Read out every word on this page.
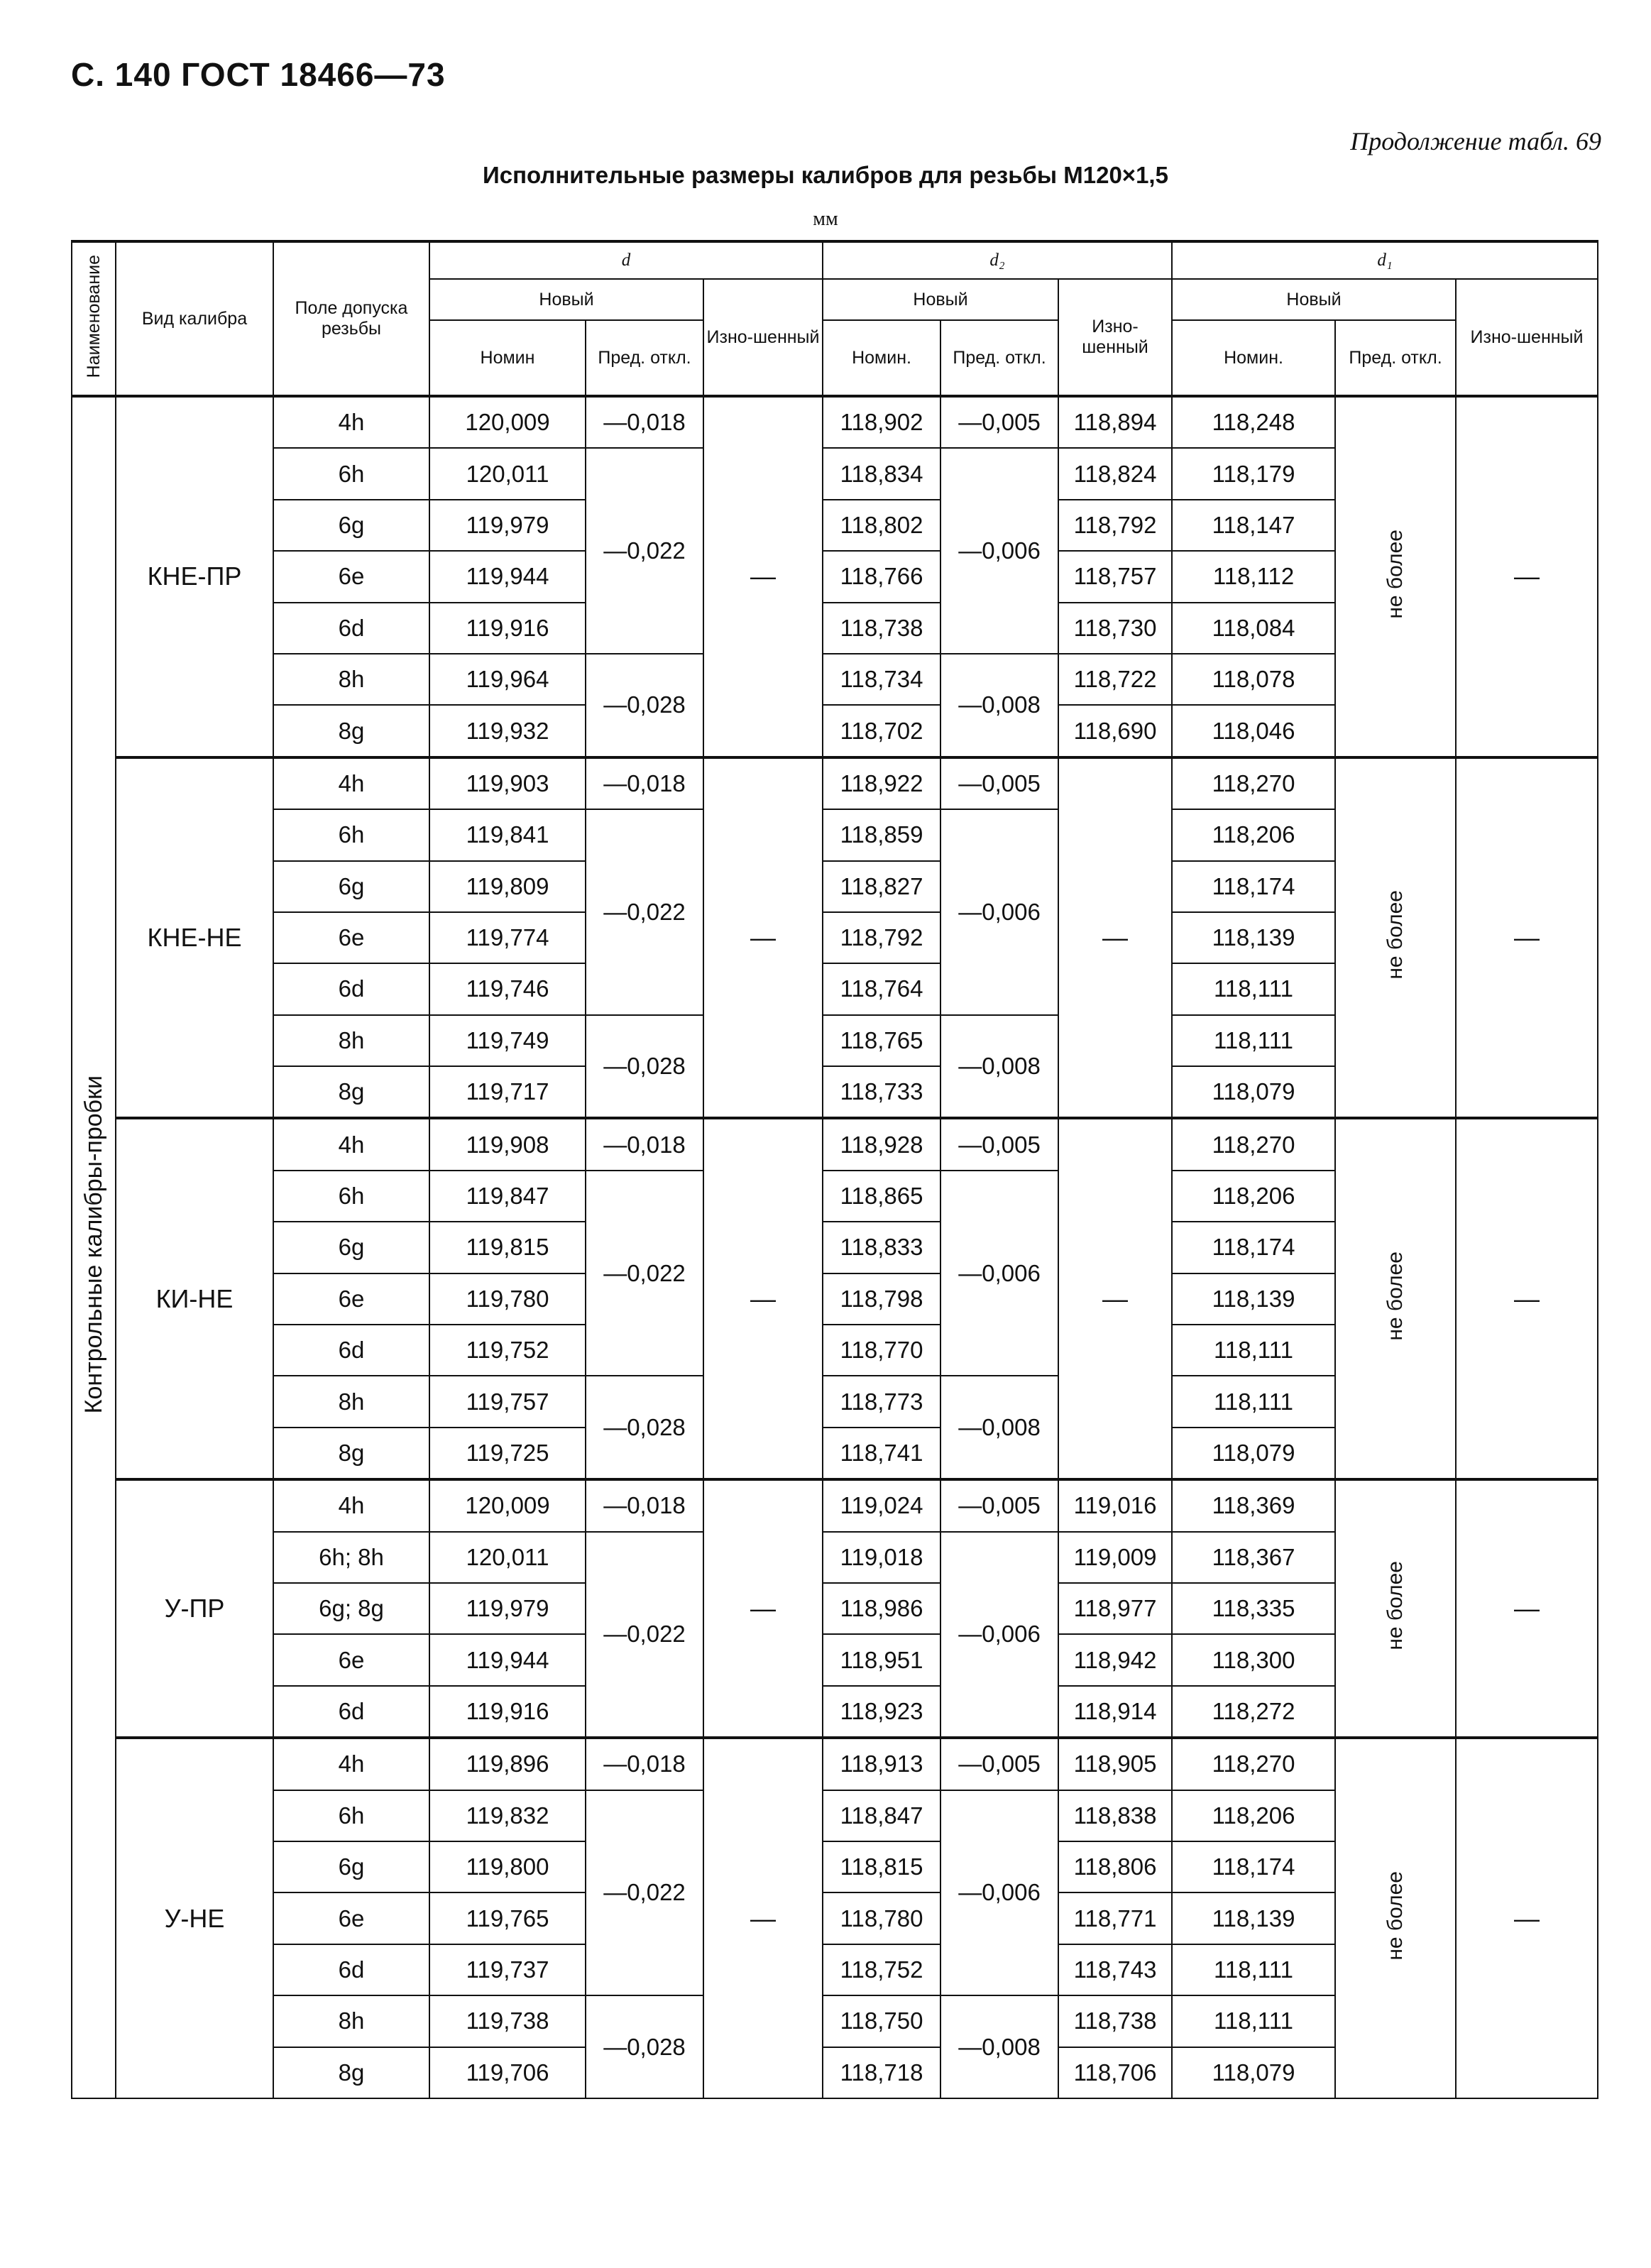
С. 140 ГОСТ 18466—73
Продолжение табл. 69
Исполнительные размеры калибров для резьбы М120×1,5
мм
Наименование	Вид калибра	Поле допуска резьбы	d			d₂			d₁			
			Новый		Изно-шенный	Новый		Изно-шенный	Новый		Изно-шенный	
			Номин	Пред. откл.		Номин.	Пред. откл.		Номин.	Пред. откл.		
Контрольные калибры-пробки	КНЕ-ПР	4h	120,009	—0,018	—	118,902	—0,005	118,894	118,248	не более	—	
		6h	120,011	—0,022		118,834	—0,006	118,824	118,179			
		6g	119,979			118,802		118,792	118,147			
		6e	119,944			118,766		118,757	118,112			
		6d	119,916			118,738		118,730	118,084			
		8h	119,964	—0,028		118,734	—0,008	118,722	118,078			
		8g	119,932			118,702		118,690	118,046			
	КНЕ-НЕ	4h	119,903	—0,018	—	118,922	—0,005	—	118,270	не более	—	
		6h	119,841	—0,022		118,859	—0,006		118,206			
		6g	119,809			118,827			118,174			
		6e	119,774			118,792			118,139			
		6d	119,746			118,764			118,111			
		8h	119,749	—0,028		118,765	—0,008		118,111			
		8g	119,717			118,733			118,079			
	КИ-НЕ	4h	119,908	—0,018	—	118,928	—0,005	—	118,270	не более	—	
		6h	119,847	—0,022		118,865	—0,006		118,206			
		6g	119,815			118,833			118,174			
		6e	119,780			118,798			118,139			
		6d	119,752			118,770			118,111			
		8h	119,757	—0,028		118,773	—0,008		118,111			
		8g	119,725			118,741			118,079			
	У-ПР	4h	120,009	—0,018	—	119,024	—0,005	119,016	118,369	не более	—	
		6h; 8h	120,011	—0,022		119,018	—0,006	119,009	118,367			
		6g; 8g	119,979			118,986		118,977	118,335			
		6e	119,944			118,951		118,942	118,300			
		6d	119,916			118,923		118,914	118,272			
	У-НЕ	4h	119,896	—0,018	—	118,913	—0,005	118,905	118,270	не более	—	
		6h	119,832	—0,022		118,847	—0,006	118,838	118,206			
		6g	119,800			118,815		118,806	118,174			
		6e	119,765			118,780		118,771	118,139			
		6d	119,737			118,752		118,743	118,111			
		8h	119,738	—0,028		118,750	—0,008	118,738	118,111			
		8g	119,706			118,718		118,706	118,079			
